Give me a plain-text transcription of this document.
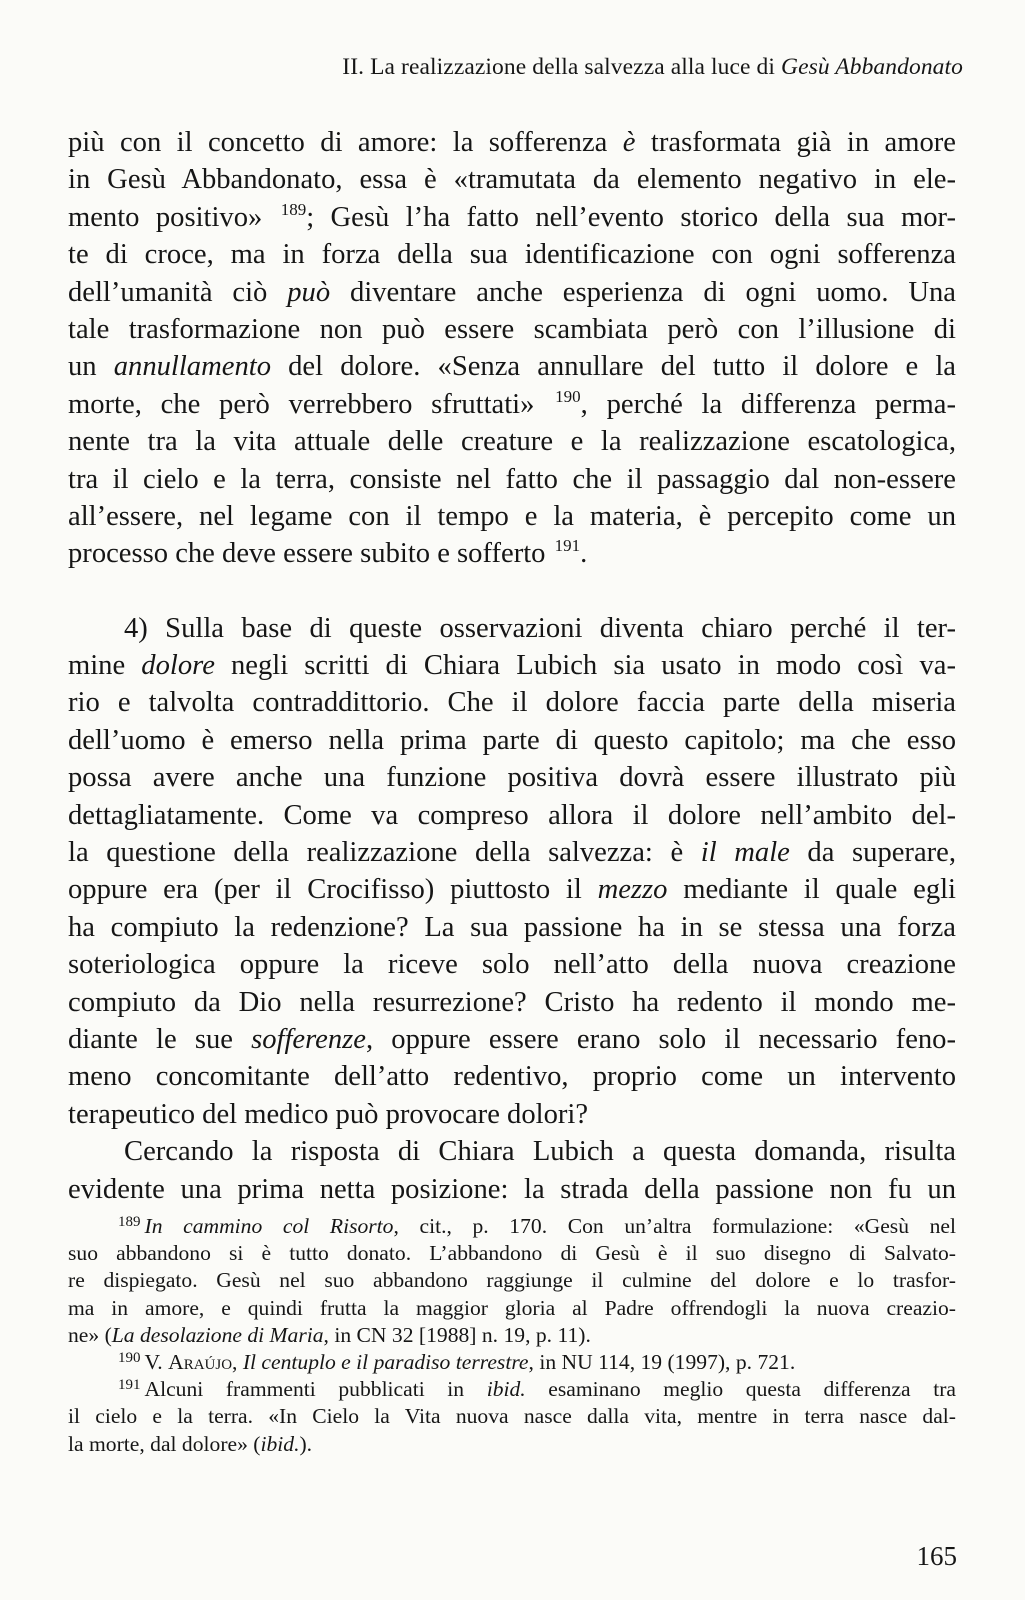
II. La realizzazione della salvezza alla luce di Gesù Abbandonato
più con il concetto di amore: la sofferenza è trasformata già in amore
in Gesù Abbandonato, essa è «tramutata da elemento negativo in ele-
mento positivo» $^{189}$; Gesù l’ha fatto nell’evento storico della sua mor-
te di croce, ma in forza della sua identificazione con ogni sofferenza
dell’umanità ciò può diventare anche esperienza di ogni uomo. Una
tale trasformazione non può essere scambiata però con l’illusione di
un annullamento del dolore. «Senza annullare del tutto il dolore e la
morte, che però verrebbero sfruttati» $^{190}$, perché la differenza perma-
nente tra la vita attuale delle creature e la realizzazione escatologica,
tra il cielo e la terra, consiste nel fatto che il passaggio dal non-essere
all’essere, nel legame con il tempo e la materia, è percepito come un
processo che deve essere subito e sofferto $^{191}$.
4) Sulla base di queste osservazioni diventa chiaro perché il ter-
mine dolore negli scritti di Chiara Lubich sia usato in modo così va-
rio e talvolta contraddittorio. Che il dolore faccia parte della miseria
dell’uomo è emerso nella prima parte di questo capitolo; ma che esso
possa avere anche una funzione positiva dovrà essere illustrato più
dettagliatamente. Come va compreso allora il dolore nell’ambito del-
la questione della realizzazione della salvezza: è il male da superare,
oppure era (per il Crocifisso) piuttosto il mezzo mediante il quale egli
ha compiuto la redenzione? La sua passione ha in se stessa una forza
soteriologica oppure la riceve solo nell’atto della nuova creazione
compiuto da Dio nella resurrezione? Cristo ha redento il mondo me-
diante le sue sofferenze, oppure essere erano solo il necessario feno-
meno concomitante dell’atto redentivo, proprio come un intervento
terapeutico del medico può provocare dolori?
Cercando la risposta di Chiara Lubich a questa domanda, risulta
evidente una prima netta posizione: la strada della passione non fu un
$^{189}$ In cammino col Risorto, cit., p. 170. Con un’altra formulazione: «Gesù nel
suo abbandono si è tutto donato. L’abbandono di Gesù è il suo disegno di Salvato-
re dispiegato. Gesù nel suo abbandono raggiunge il culmine del dolore e lo trasfor-
ma in amore, e quindi frutta la maggior gloria al Padre offrendogli la nuova creazio-
ne» (La desolazione di Maria, in CN 32 [1988] n. 19, p. 11).
$^{190}$ V. Araújo, Il centuplo e il paradiso terrestre, in NU 114, 19 (1997), p. 721.
$^{191}$ Alcuni frammenti pubblicati in ibid. esaminano meglio questa differenza tra
il cielo e la terra. «In Cielo la Vita nuova nasce dalla vita, mentre in terra nasce dal-
la morte, dal dolore» (ibid.).
165
